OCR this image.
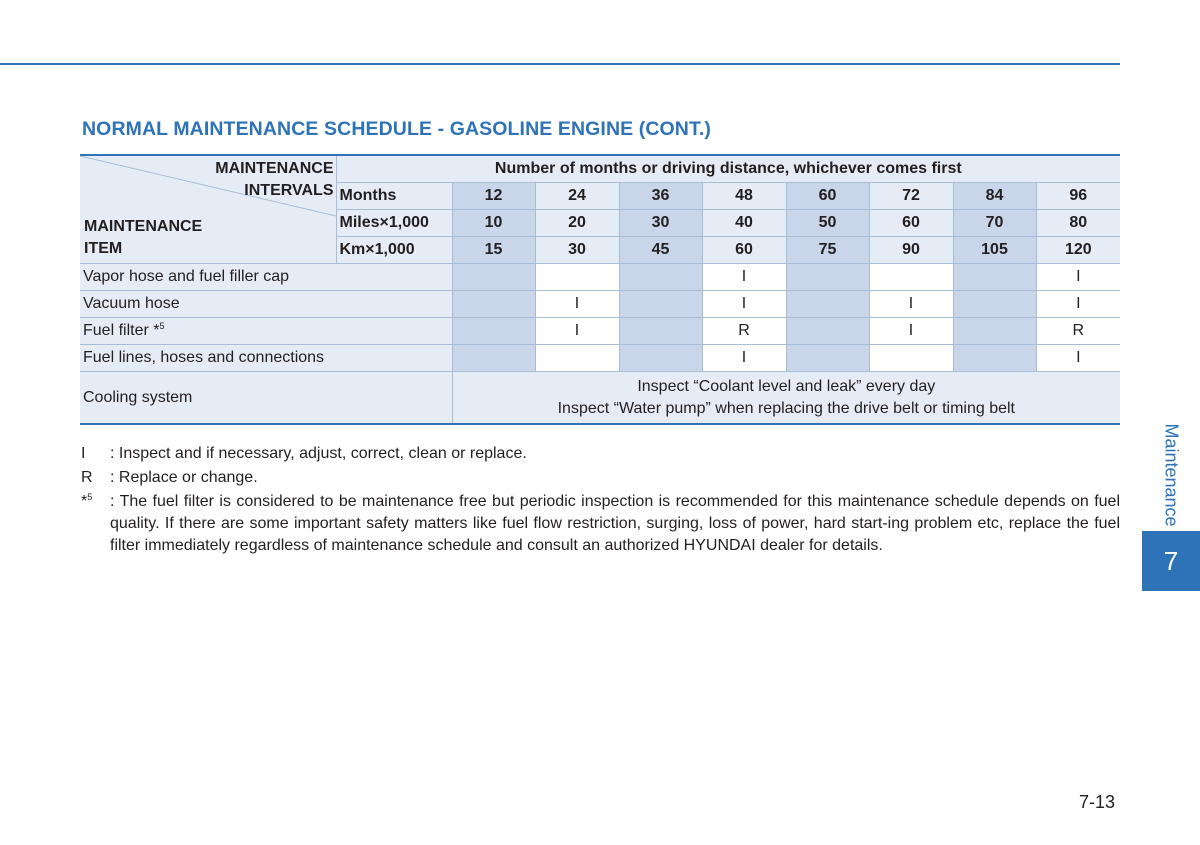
NORMAL MAINTENANCE SCHEDULE - GASOLINE ENGINE (CONT.)
MAINTENANCE
INTERVALS
MAINTENANCE
ITEM	Number of months or driving distance, whichever comes first								
	Months	12	24	36	48	60	72	84	96
	Miles×1,000	10	20	30	40	50	60	70	80
	Km×1,000	15	30	45	60	75	90	105	120
Vapor hose and fuel filler cap					I				I
Vacuum hose			I		I		I		I
Fuel filter *$^5$			I		R		I		R
Fuel lines, hoses and connections					I				I
Cooling system		Inspect “Coolant level and leak” every day
Inspect “Water pump” when replacing the drive belt or timing belt							
I : Inspect and if necessary, adjust, correct, clean or replace.
R : Replace or change.
*$^5$ : The fuel filter is considered to be maintenance free but periodic inspection is recommended for this maintenance schedule depends on fuel quality. If there are some important safety matters like fuel flow restriction, surging, loss of power, hard start-ing problem etc, replace the fuel filter immediately regardless of maintenance schedule and consult an authorized HYUNDAI dealer for details.
Maintenance
7
7-13
